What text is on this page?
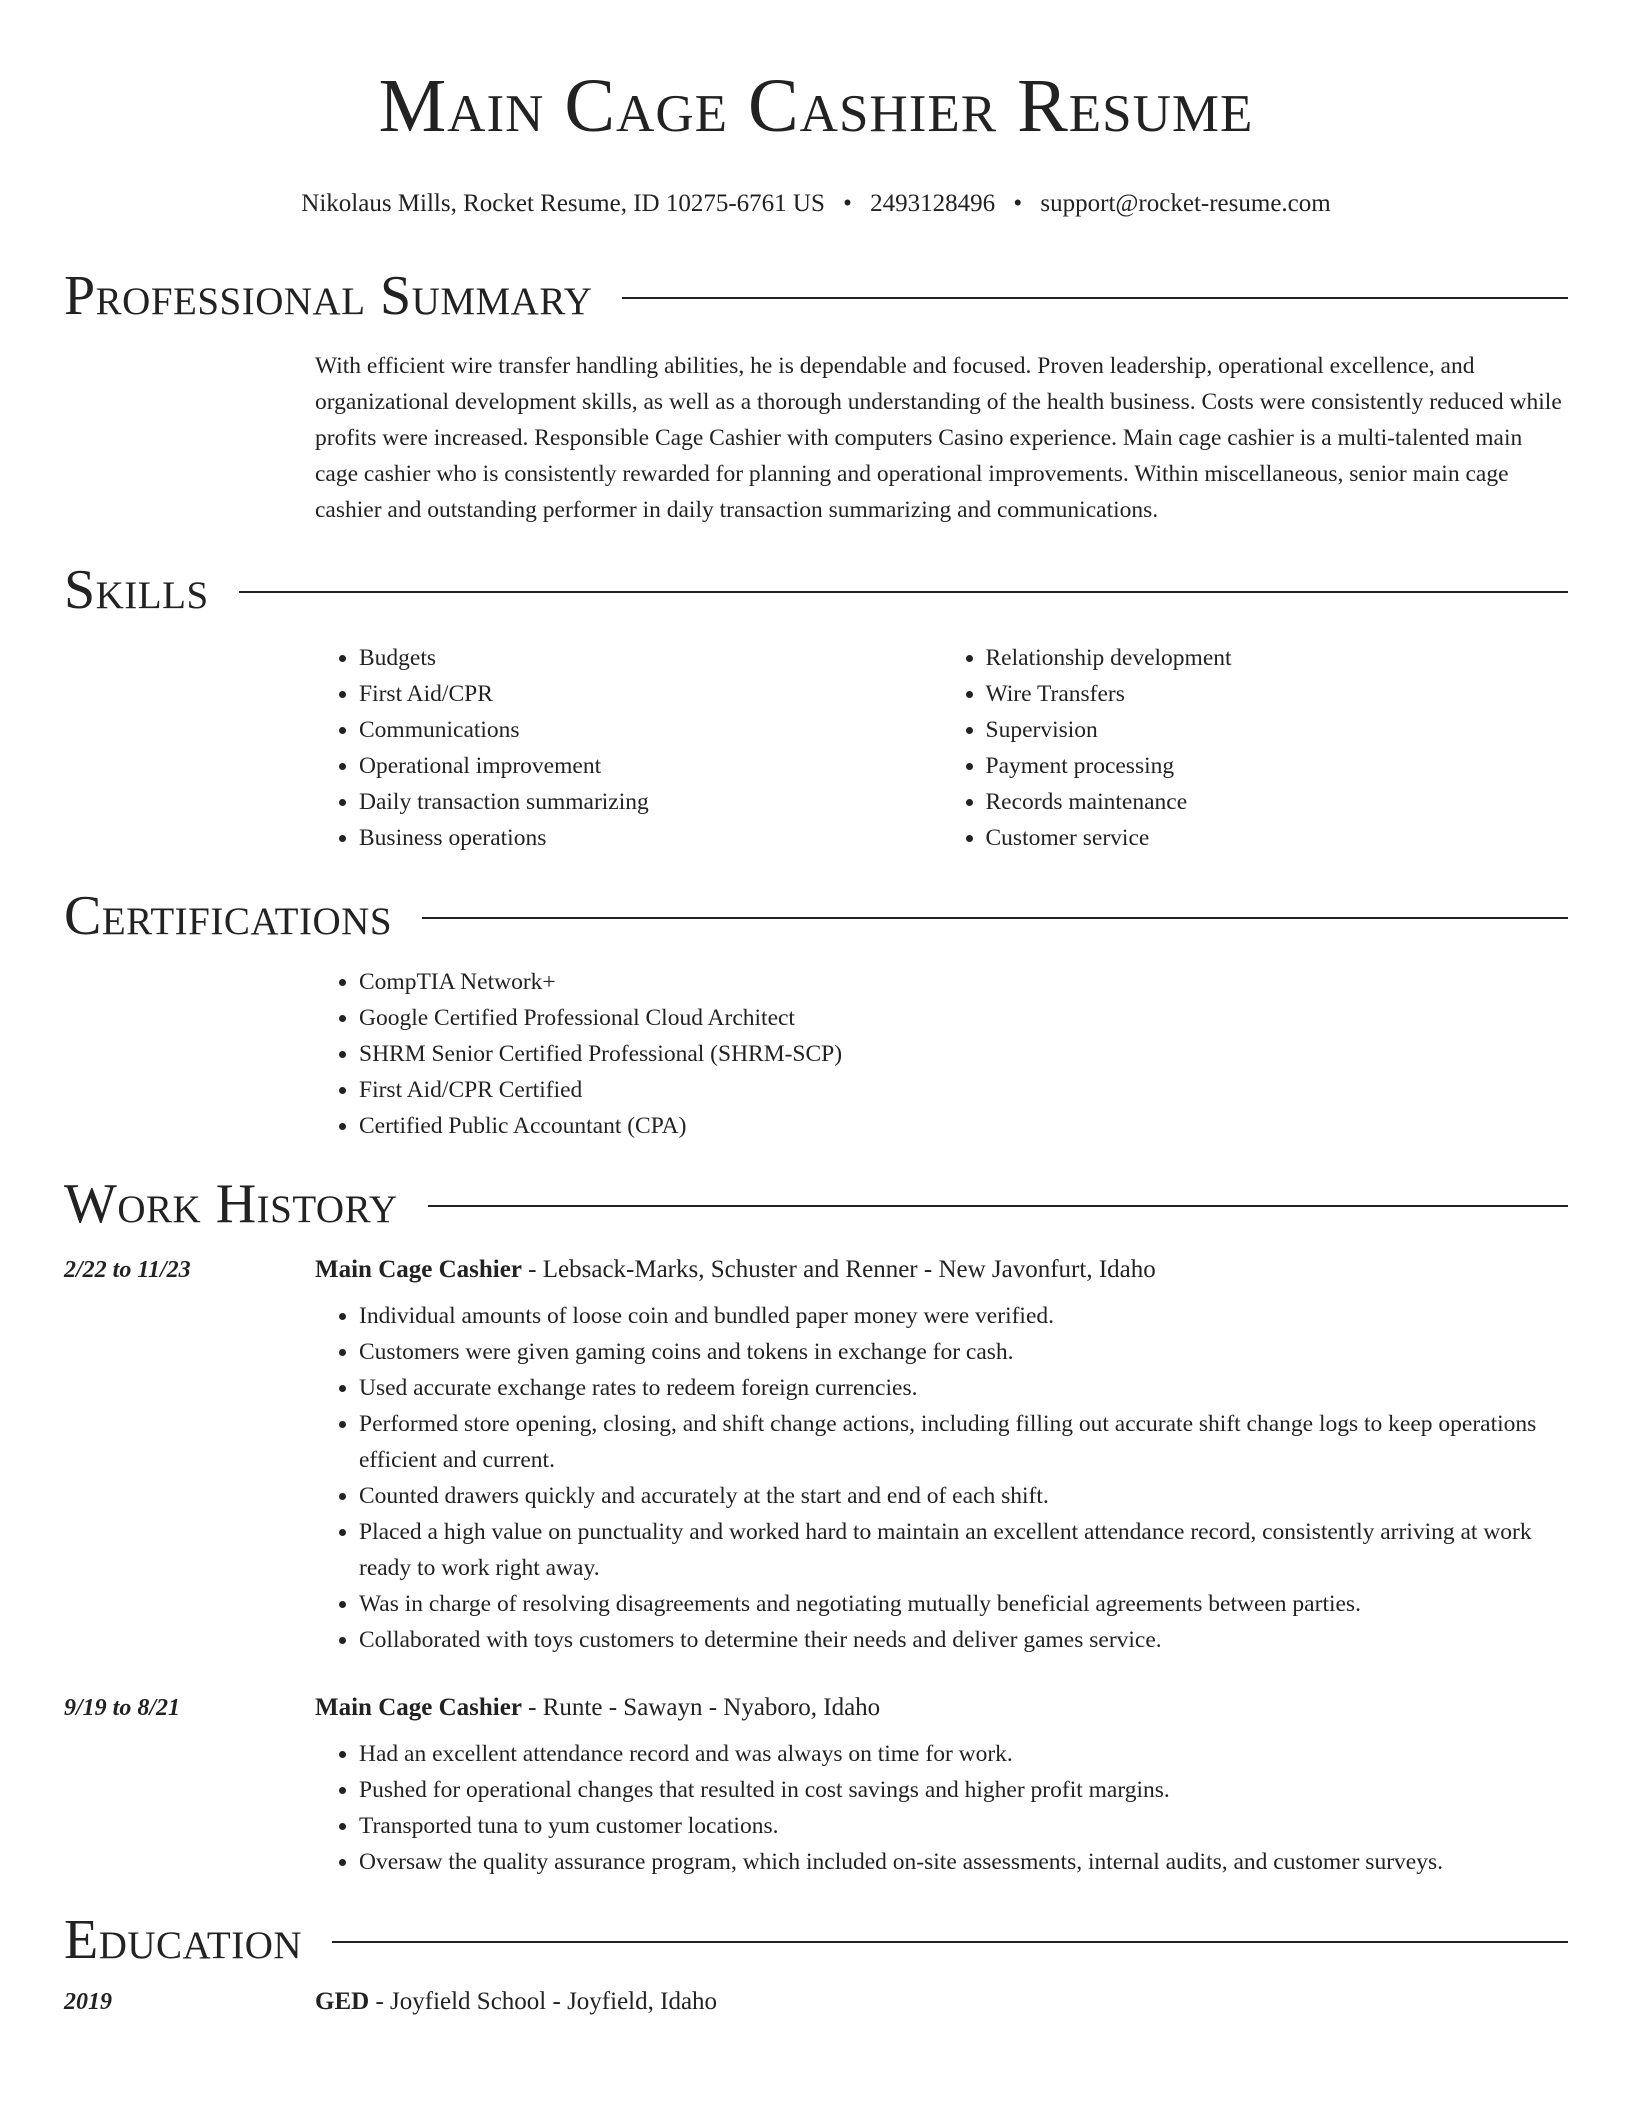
Main Cage Cashier Resume
Nikolaus Mills, Rocket Resume, ID 10275-6761 US • 2493128496 • support@rocket-resume.com
Professional Summary
With efficient wire transfer handling abilities, he is dependable and focused. Proven leadership, operational excellence, and organizational development skills, as well as a thorough understanding of the health business. Costs were consistently reduced while profits were increased. Responsible Cage Cashier with computers Casino experience. Main cage cashier is a multi-talented main cage cashier who is consistently rewarded for planning and operational improvements. Within miscellaneous, senior main cage cashier and outstanding performer in daily transaction summarizing and communications.
Skills
• Budgets
• First Aid/CPR
• Communications
• Operational improvement
• Daily transaction summarizing
• Business operations
• Relationship development
• Wire Transfers
• Supervision
• Payment processing
• Records maintenance
• Customer service
Certifications
• CompTIA Network+
• Google Certified Professional Cloud Architect
• SHRM Senior Certified Professional (SHRM-SCP)
• First Aid/CPR Certified
• Certified Public Accountant (CPA)
Work History
2/22 to 11/23	Main Cage Cashier - Lebsack-Marks, Schuster and Renner - New Javonfurt, Idaho
• Individual amounts of loose coin and bundled paper money were verified.
• Customers were given gaming coins and tokens in exchange for cash.
• Used accurate exchange rates to redeem foreign currencies.
• Performed store opening, closing, and shift change actions, including filling out accurate shift change logs to keep operations efficient and current.
• Counted drawers quickly and accurately at the start and end of each shift.
• Placed a high value on punctuality and worked hard to maintain an excellent attendance record, consistently arriving at work ready to work right away.
• Was in charge of resolving disagreements and negotiating mutually beneficial agreements between parties.
• Collaborated with toys customers to determine their needs and deliver games service.
9/19 to 8/21	Main Cage Cashier - Runte - Sawayn - Nyaboro, Idaho
• Had an excellent attendance record and was always on time for work.
• Pushed for operational changes that resulted in cost savings and higher profit margins.
• Transported tuna to yum customer locations.
• Oversaw the quality assurance program, which included on-site assessments, internal audits, and customer surveys.
Education
2019	GED - Joyfield School - Joyfield, Idaho
